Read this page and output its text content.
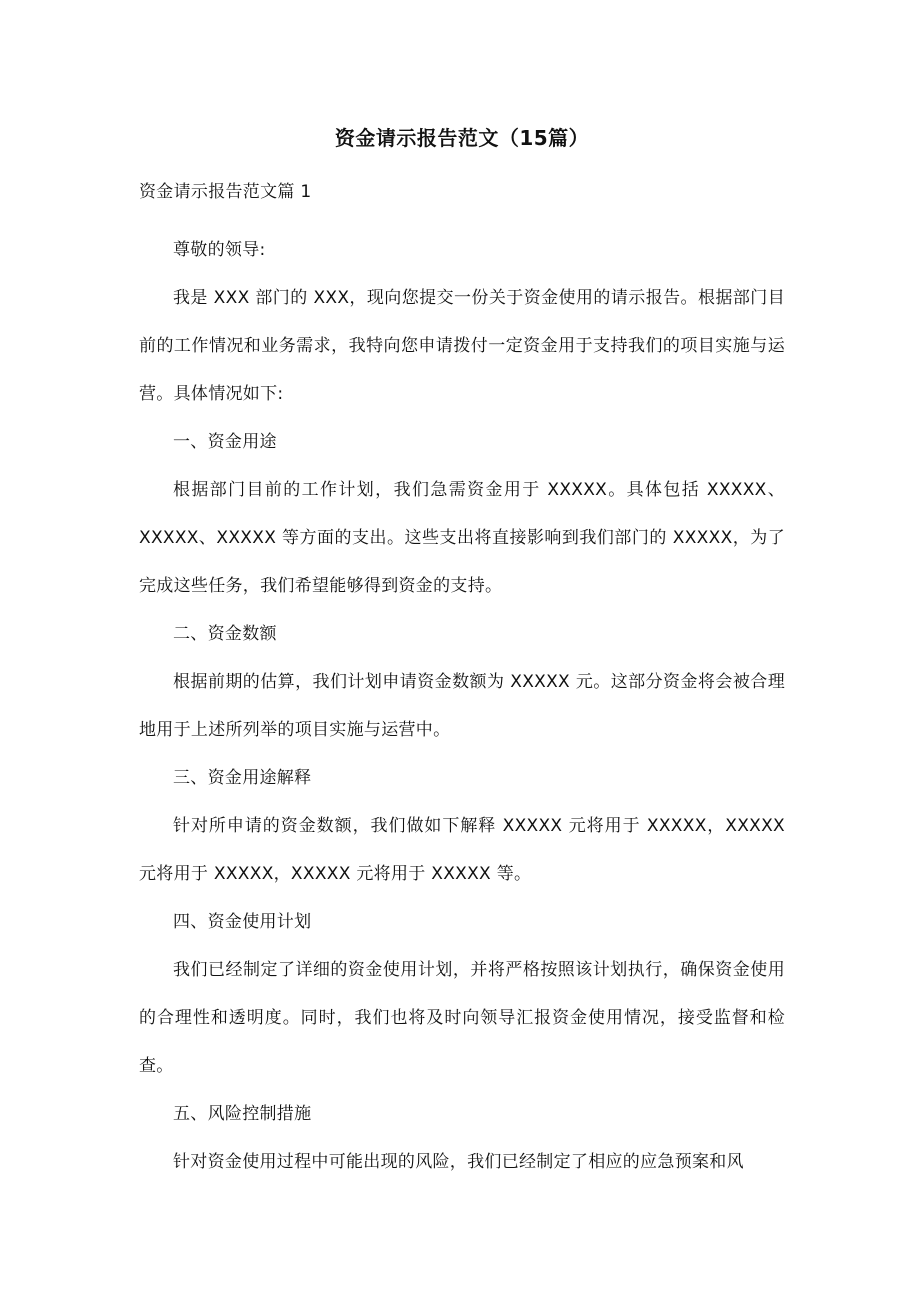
资金请示报告范文（15篇）
资金请示报告范文篇 1

尊敬的领导:

我是 XXX 部门的 XXX，现向您提交一份关于资金使用的请示报告。根据部门目前的工作情况和业务需求，我特向您申请拨付一定资金用于支持我们的项目实施与运营。具体情况如下:

一、资金用途

根据部门目前的工作计划，我们急需资金用于 XXXXX。具体包括 XXXXX、XXXXX、XXXXX 等方面的支出。这些支出将直接影响到我们部门的 XXXXX，为了完成这些任务，我们希望能够得到资金的支持。

二、资金数额

根据前期的估算，我们计划申请资金数额为 XXXXX 元。这部分资金将会被合理地用于上述所列举的项目实施与运营中。

三、资金用途解释

针对所申请的资金数额，我们做如下解释 XXXXX 元将用于 XXXXX，XXXXX 元将用于 XXXXX，XXXXX 元将用于 XXXXX 等。

四、资金使用计划

我们已经制定了详细的资金使用计划，并将严格按照该计划执行，确保资金使用的合理性和透明度。同时，我们也将及时向领导汇报资金使用情况，接受监督和检查。

五、风险控制措施

针对资金使用过程中可能出现的风险，我们已经制定了相应的应急预案和风
